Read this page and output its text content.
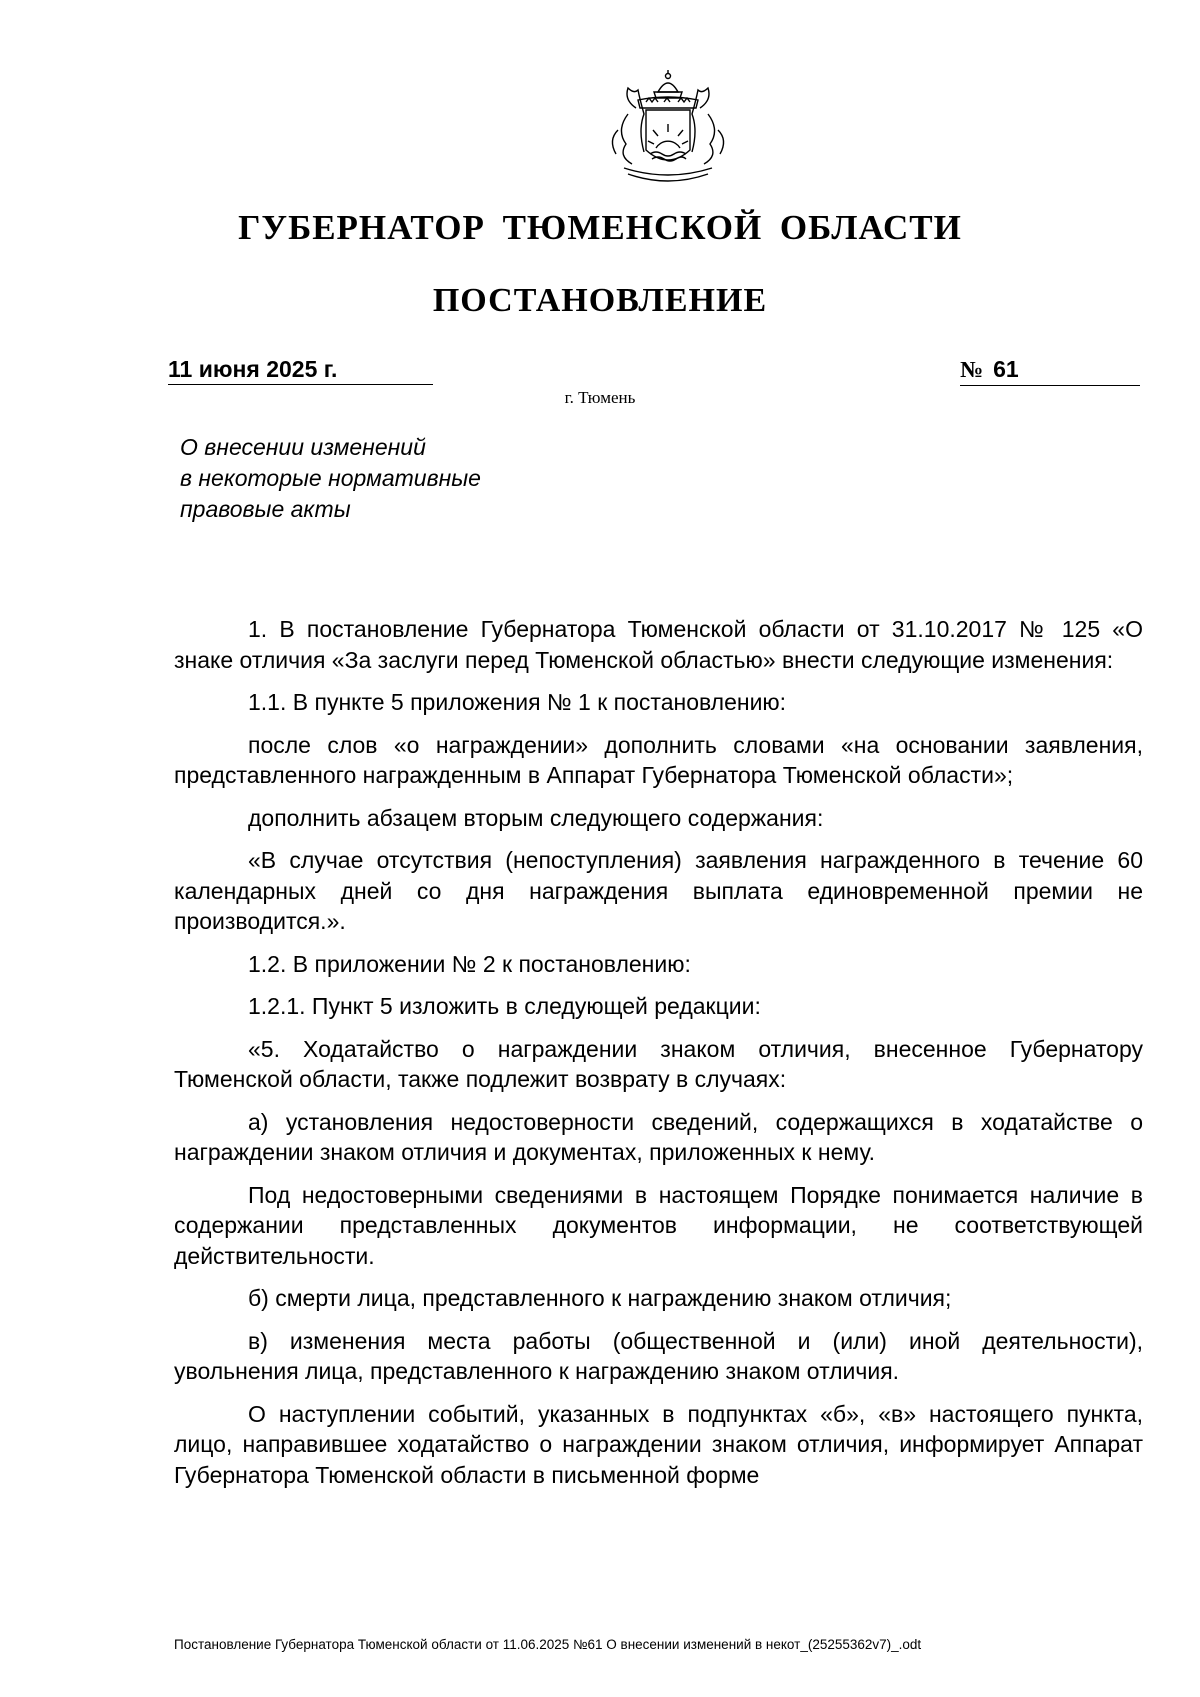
ГУБЕРНАТОР ТЮМЕНСКОЙ ОБЛАСТИ
ПОСТАНОВЛЕНИЕ
11 июня 2025 г.	№ 61
г. Тюмень
О внесении изменений
в некоторые нормативные
правовые акты

1. В постановление Губернатора Тюменской области от 31.10.2017 № 125 «О знаке отличия «За заслуги перед Тюменской областью» внести следующие изменения:

1.1. В пункте 5 приложения № 1 к постановлению:

после слов «о награждении» дополнить словами «на основании заявления, представленного награжденным в Аппарат Губернатора Тюменской области»;

дополнить абзацем вторым следующего содержания:

«В случае отсутствия (непоступления) заявления награжденного в течение 60 календарных дней со дня награждения выплата единовременной премии не производится.».

1.2. В приложении № 2 к постановлению:

1.2.1. Пункт 5 изложить в следующей редакции:

«5. Ходатайство о награждении знаком отличия, внесенное Губернатору Тюменской области, также подлежит возврату в случаях:

а) установления недостоверности сведений, содержащихся в ходатайстве о награждении знаком отличия и документах, приложенных к нему.

Под недостоверными сведениями в настоящем Порядке понимается наличие в содержании представленных документов информации, не соответствующей действительности.

б) смерти лица, представленного к награждению знаком отличия;

в) изменения места работы (общественной и (или) иной деятельности), увольнения лица, представленного к награждению знаком отличия.

О наступлении событий, указанных в подпунктах «б», «в» настоящего пункта, лицо, направившее ходатайство о награждении знаком отличия, информирует Аппарат Губернатора Тюменской области в письменной форме

Постановление Губернатора Тюменской области от 11.06.2025 №61 О внесении изменений в некот_(25255362v7)_.odt
